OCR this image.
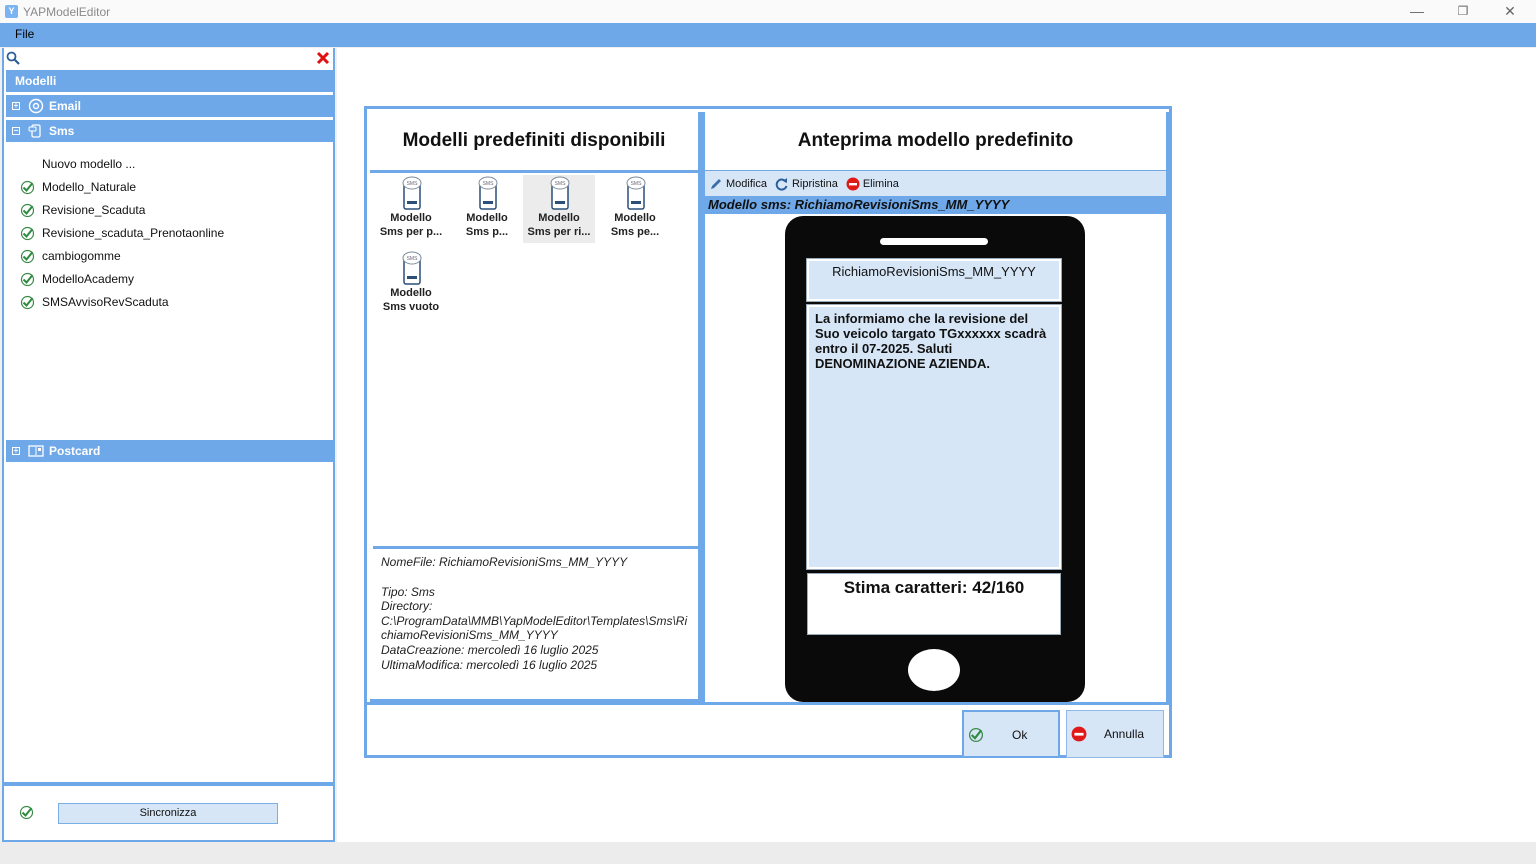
Y YAPModelEditor	—	❐	✕
File
Modelli
+	Email
−	Sms
Nuovo modello ...
Modello_Naturale
Revisione_Scaduta
Revisione_scaduta_Prenotaonline
cambiogomme
ModelloAcademy
SMSAvvisoRevScaduta
+	Postcard
Sincronizza
Modelli predefiniti disponibili
SMS
Modello
Sms per p...
SMS
Modello
Sms p...
SMS
Modello
Sms per ri...
SMS
Modello
Sms pe...
SMS
Modello
Sms vuoto

NomeFile: RichiamoRevisioniSms_MM_YYYY

Tipo: Sms

Directory:

C:\ProgramData\MMB\YapModelEditor\Templates\Sms\RichiamoRevisioniSms_MM_YYYY

DataCreazione: mercoledì 16 luglio 2025

UltimaModifica: mercoledì 16 luglio 2025

Anteprima modello predefinito
Modifica Ripristina Elimina
Modello sms: RichiamoRevisioniSms_MM_YYYY
RichiamoRevisioniSms_MM_YYYY
La informiamo che la revisione del Suo veicolo targato TGxxxxxx scadrà entro il 07-2025. Saluti DENOMINAZIONE AZIENDA.
Stima caratteri: 42/160
Ok	Annulla
